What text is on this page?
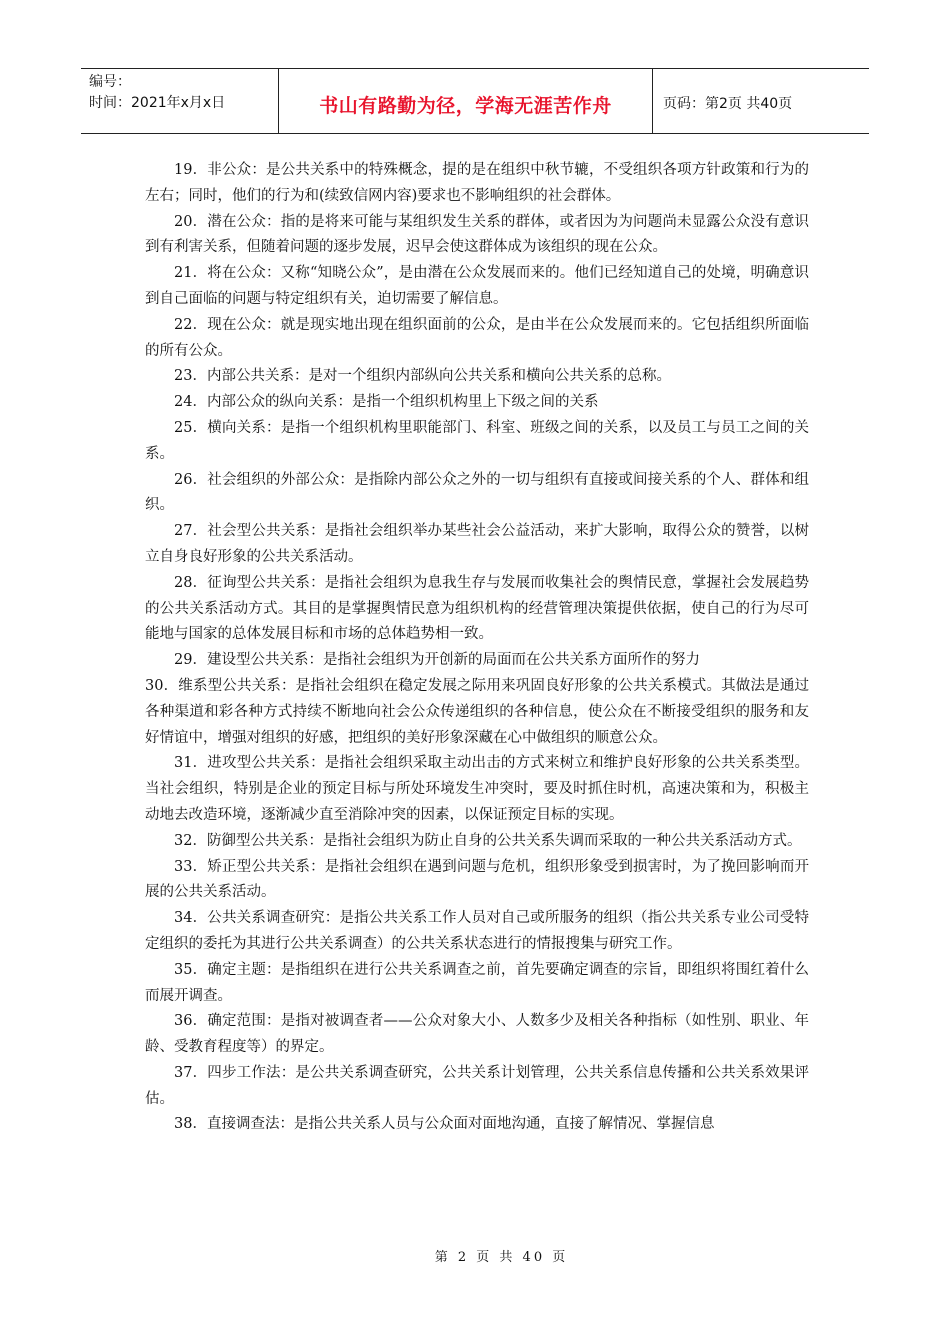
编号：
时间：2021年x月x日	书山有路勤为径，学海无涯苦作舟	页码：第2页 共40页

19．非公众：是公共关系中的特殊概念，提的是在组织中秋节辘，不受组织各项方针政策和行为的左右；同时，他们的行为和(续致信网内容)要求也不影响组织的社会群体。

20．潜在公众：指的是将来可能与某组织发生关系的群体，或者因为为问题尚未显露公众没有意识到有利害关系，但随着问题的逐步发展，迟早会使这群体成为该组织的现在公众。

21．将在公众：又称“知晓公众”，是由潜在公众发展而来的。他们已经知道自己的处境，明确意识到自己面临的问题与特定组织有关，迫切需要了解信息。

22．现在公众：就是现实地出现在组织面前的公众，是由半在公众发展而来的。它包括组织所面临的所有公众。

23．内部公共关系：是对一个组织内部纵向公共关系和横向公共关系的总称。

24．内部公众的纵向关系：是指一个组织机构里上下级之间的关系

25．横向关系：是指一个组织机构里职能部门、科室、班级之间的关系，以及员工与员工之间的关系。

26．社会组织的外部公众：是指除内部公众之外的一切与组织有直接或间接关系的个人、群体和组织。

27．社会型公共关系：是指社会组织举办某些社会公益活动，来扩大影响，取得公众的赞誉，以树立自身良好形象的公共关系活动。

28．征询型公共关系：是指社会组织为息我生存与发展而收集社会的舆情民意，掌握社会发展趋势的公共关系活动方式。其目的是掌握舆情民意为组织机构的经营管理决策提供依据，使自己的行为尽可能地与国家的总体发展目标和市场的总体趋势相一致。

29．建设型公共关系：是指社会组织为开创新的局面而在公共关系方面所作的努力

30．维系型公共关系：是指社会组织在稳定发展之际用来巩固良好形象的公共关系模式。其做法是通过各种渠道和彩各种方式持续不断地向社会公众传递组织的各种信息，使公众在不断接受组织的服务和友好情谊中，增强对组织的好感，把组织的美好形象深藏在心中做组织的顺意公众。

31．进攻型公共关系：是指社会组织采取主动出击的方式来树立和维护良好形象的公共关系类型。当社会组织，特别是企业的预定目标与所处环境发生冲突时，要及时抓住时机，高速决策和为，积极主动地去改造环境，逐渐减少直至消除冲突的因素，以保证预定目标的实现。

32．防御型公共关系：是指社会组织为防止自身的公共关系失调而采取的一种公共关系活动方式。

33．矫正型公共关系：是指社会组织在遇到问题与危机，组织形象受到损害时，为了挽回影响而开展的公共关系活动。

34．公共关系调查研究：是指公共关系工作人员对自己或所服务的组织（指公共关系专业公司受特定组织的委托为其进行公共关系调查）的公共关系状态进行的情报搜集与研究工作。

35．确定主题：是指组织在进行公共关系调查之前，首先要确定调查的宗旨，即组织将围红着什么而展开调查。

36．确定范围：是指对被调查者——公众对象大小、人数多少及相关各种指标（如性别、职业、年龄、受教育程度等）的界定。

37．四步工作法：是公共关系调查研究，公共关系计划管理，公共关系信息传播和公共关系效果评估。

38．直接调查法：是指公共关系人员与公众面对面地沟通，直接了解情况、掌握信息

第 2 页 共 40 页
